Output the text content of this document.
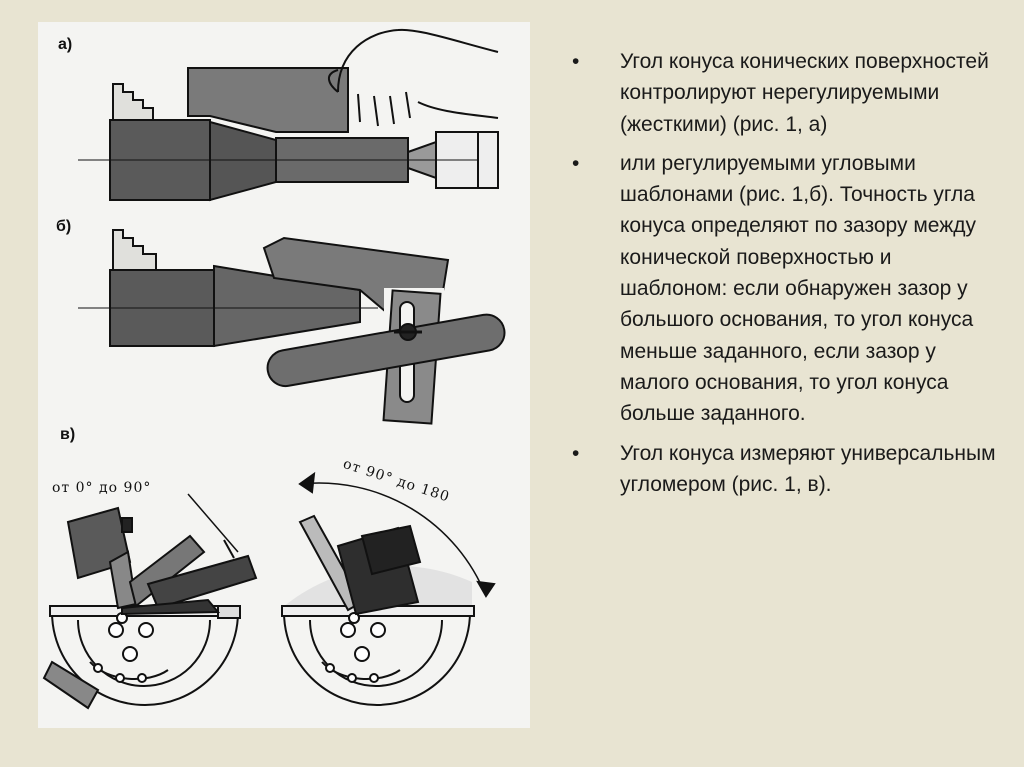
а)
б)
в)
от 0° до 90°
от 90° до 180
• Угол конуса конических поверхностей контролируют нерегулируемыми (жесткими) (рис. 1, а)
• или регулируемыми угловыми шаблонами (рис. 1,б). Точность угла конуса определяют по зазору между конической поверхностью и шаблоном: если обнаружен зазор у большого основания, то угол конуса меньше заданного, если зазор у малого основания, то угол конуса больше заданного.
• Угол конуса измеряют универсальным угломером (рис. 1, в).
